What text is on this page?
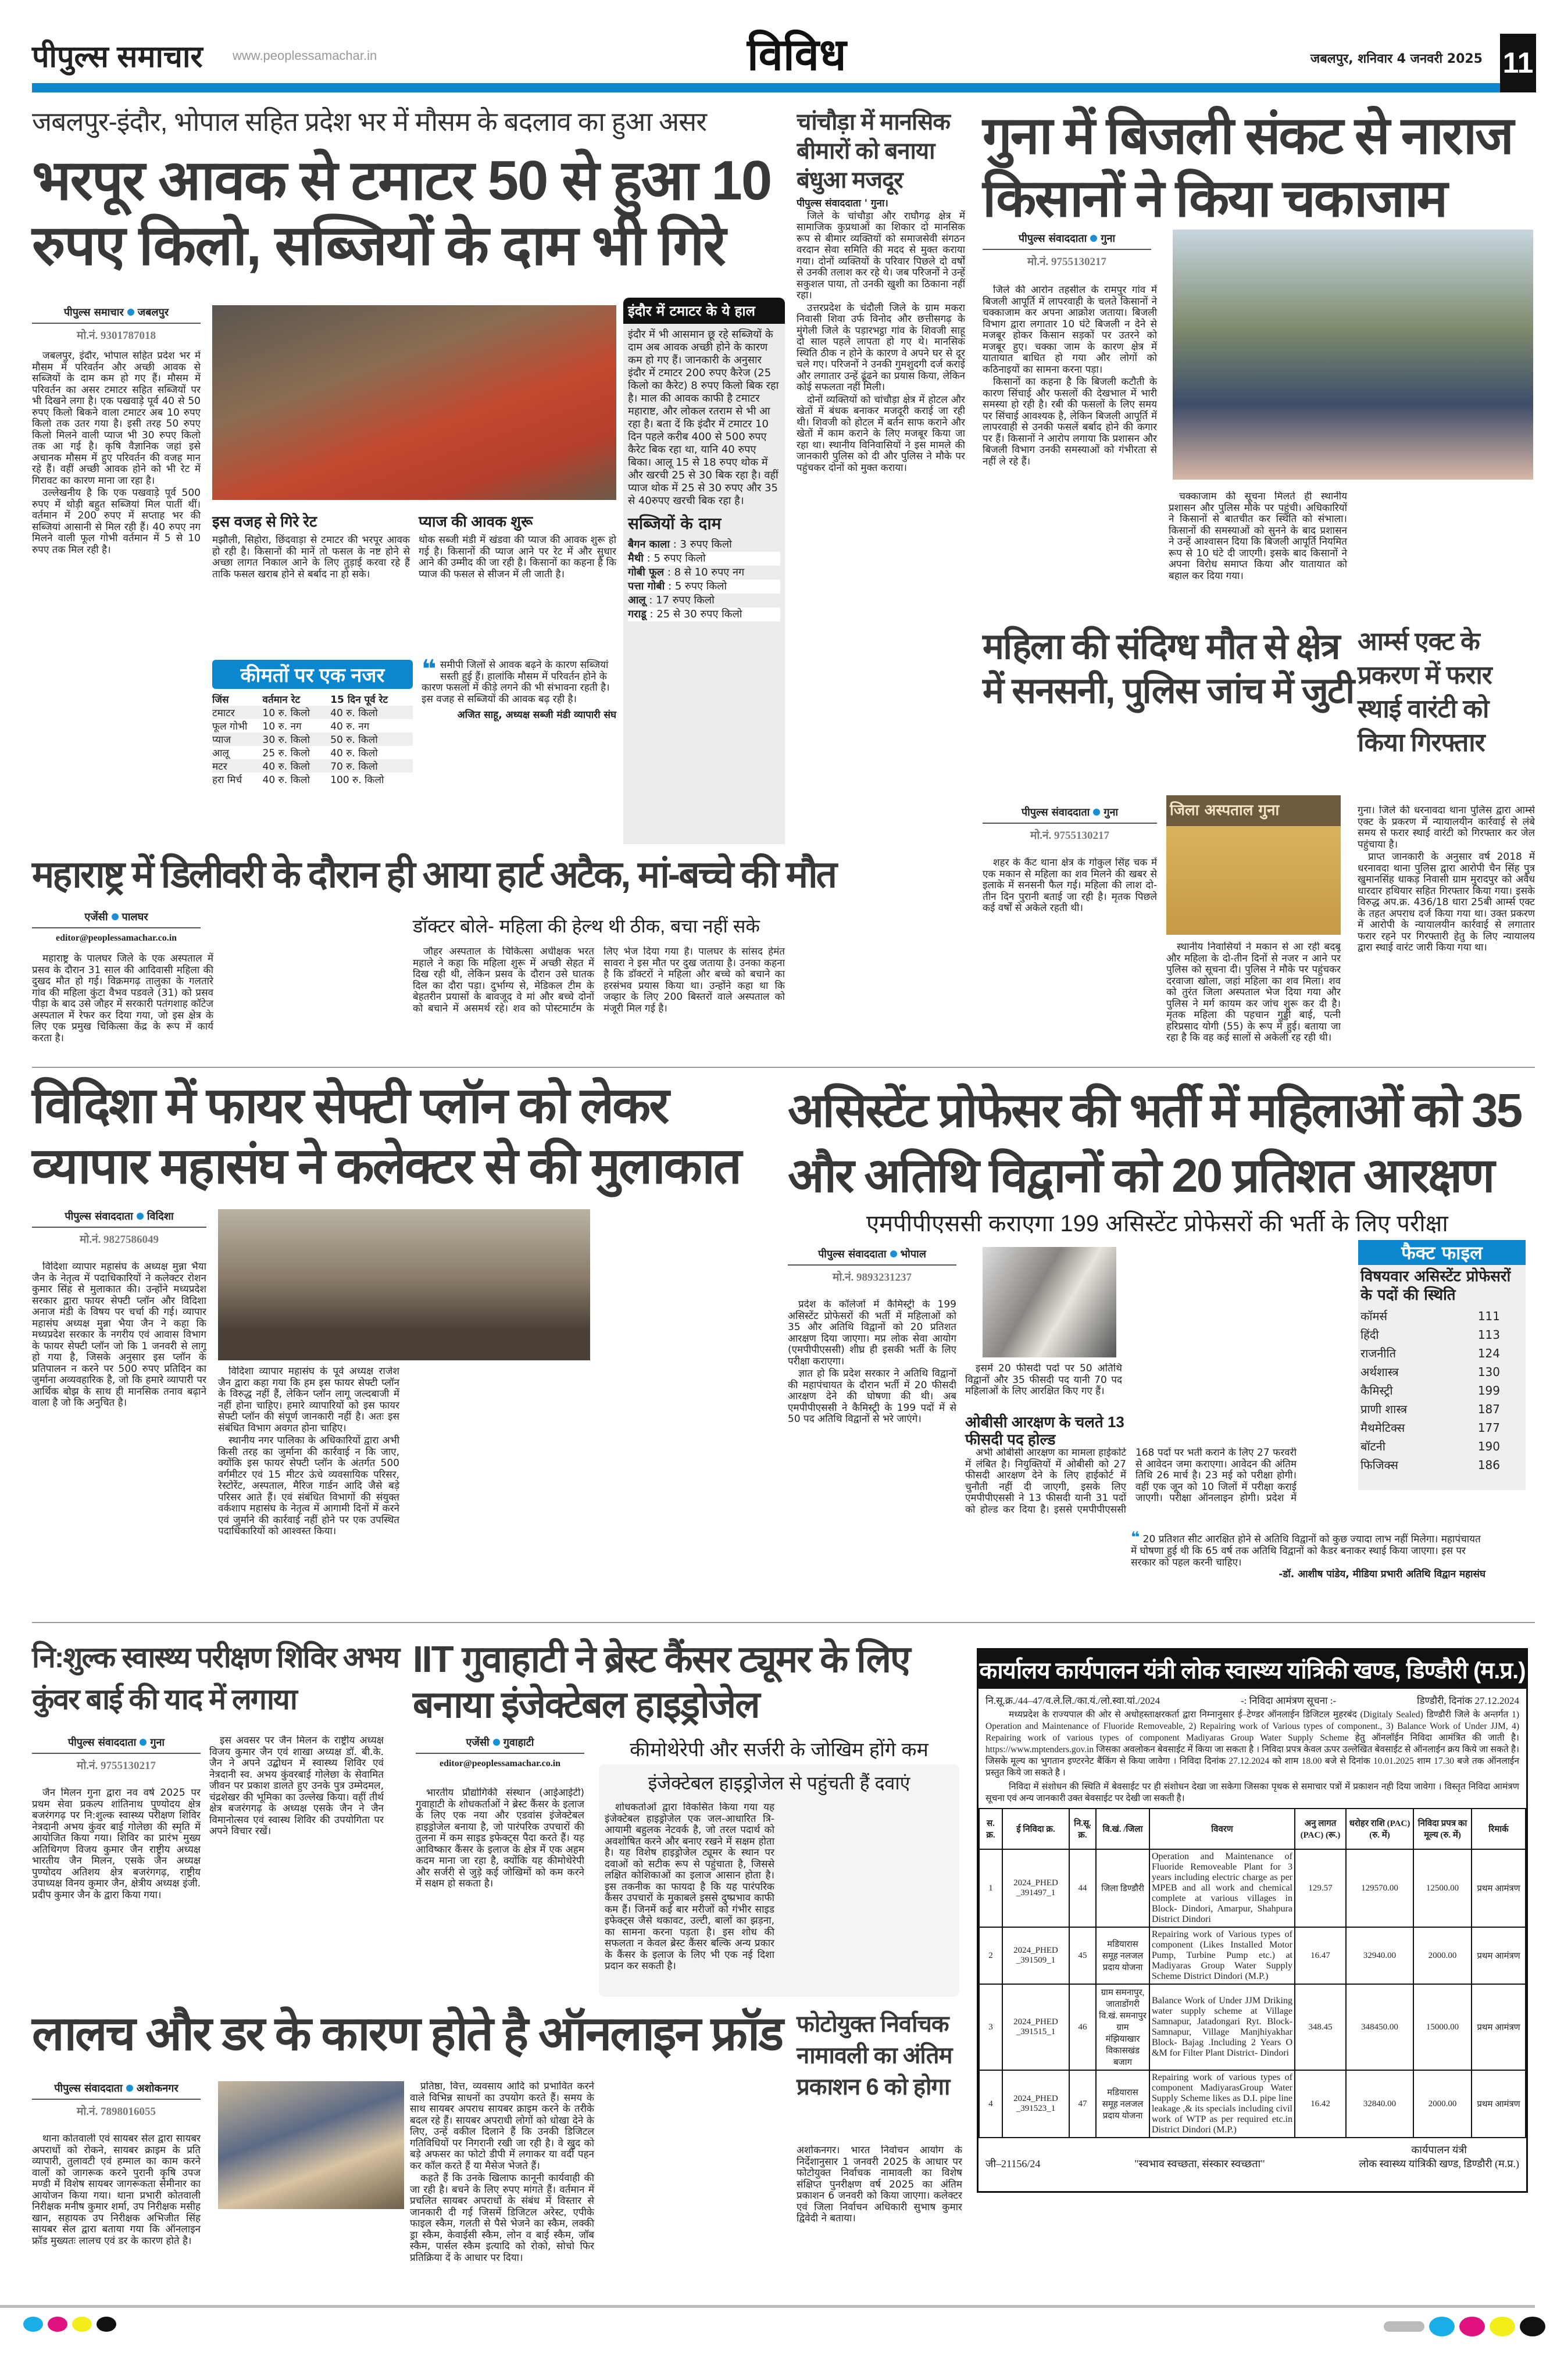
पीपुल्स समाचार www.peoplessamachar.in	विविध	जबलपुर, शनिवार 4 जनवरी 2025 11
जबलपुर-इंदौर, भोपाल सहित प्रदेश भर में मौसम के बदलाव का हुआ असर
भरपूर आवक से टमाटर 50 से हुआ 10 रुपए किलो, सब्जियों के दाम भी गिरे
पीपुल्स समाचार जबलपुर
मो.नं. 9301787018

जबलपुर, इंदौर, भोपाल सहित प्रदेश भर में मौसम में परिवर्तन और अच्छी आवक से सब्जियों के दाम कम हो गए हैं। मौसम में परिवर्तन का असर टमाटर सहित सब्जियों पर भी दिखने लगा है। एक पखवाड़े पूर्व 40 से 50 रुपए किलो बिकने वाला टमाटर अब 10 रुपए किलो तक उतर गया है। इसी तरह 50 रुपए किलो मिलने वाली प्याज भी 30 रुपए किलो तक आ गई है। कृषि वैज्ञानिक जहां इसे अचानक मौसम में हुए परिवर्तन की वजह मान रहे हैं। वहीं अच्छी आवक होने को भी रेट में गिरावट का कारण माना जा रहा है।

उल्लेखनीय है कि एक पखवाड़े पूर्व 500 रुपए में थोड़ी बहुत सब्जियां मिल पातीं थीं। वर्तमान में 200 रुपए में सप्ताह भर की सब्जियां आसानी से मिल रही हैं। 40 रुपए नग मिलने वाली फूल गोभी वर्तमान में 5 से 10 रुपए तक मिल रही है।

इस वजह से गिरे रेट
मझौली, सिहोरा, छिंदवाड़ा से टमाटर की भरपूर आवक हो रही है। किसानों की मानें तो फसल के नष्ट होने से अच्छा लागत निकाल आने के लिए तुड़ाई करवा रहे हैं ताकि फसल खराब होने से बर्बाद ना हो सके।
प्याज की आवक शुरू
थोक सब्जी मंडी में खंडवा की प्याज की आवक शुरू हो गई है। किसानों की प्याज आने पर रेट में और सुधार आने की उम्मीद की जा रही है। किसानों का कहना है कि प्याज की फसल से सीजन में ली जाती है।
कीमतों पर एक नजर
जिंस	वर्तमान रेट	15 दिन पूर्व रेट
टमाटर	10 रु. किलो	40 रु. किलो
फूल गोभी	10 रु. नग	40 रु. नग
प्याज	30 रु. किलो	50 रु. किलो
आलू	25 रु. किलो	40 रु. किलो
मटर	40 रु. किलो	70 रु. किलो
हरा मिर्च	40 रु. किलो	100 रु. किलो
❝ समीपी जिलों से आवक बढ़ने के कारण सब्जियां सस्ती हुई हैं। हालांकि मौसम में परिवर्तन होने के कारण फसलों में कीड़े लगने की भी संभावना रहती है। इस वजह से सब्जियों की आवक बढ़ रही है।
अजित साहू, अध्यक्ष सब्जी मंडी व्यापारी संघ
इंदौर में टमाटर के ये हाल
इंदौर में भी आसमान छू रहे सब्जियों के दाम अब आवक अच्छी होने के कारण कम हो गए हैं। जानकारी के अनुसार इंदौर में टमाटर 200 रुपए कैरेज (25 किलो का कैरेट) 8 रुपए किलो बिक रहा है। माल की आवक काफी है टमाटर महाराष्ट, और लोकल रतराम से भी आ रहा है। बता दें कि इंदौर में टमाटर 10 दिन पहले करीब 400 से 500 रुपए कैरेट बिक रहा था, यानि 40 रुपए बिका। आलू 15 से 18 रुपए थोक में और खरची 25 से 30 बिक रहा है। वहीं प्याज थोक में 25 से 30 रुपए और 35 से 40रुपए खरची बिक रहा है।
सब्जियों के दाम
बैगन काला : 3 रुपए किलो
मैथी : 5 रुपए किलो
गोबी फूल : 8 से 10 रुपए नग
पत्ता गोबी : 5 रुपए किलो
आलू : 17 रुपए किलो
गराडू : 25 से 30 रुपए किलो
महाराष्ट्र में डिलीवरी के दौरान ही आया हार्ट अटैक, मां-बच्चे की मौत
एजेंसी पालघर
editor@peoplessamachar.co.in

महाराष्ट्र के पालघर जिले के एक अस्पताल में प्रसव के दौरान 31 साल की आदिवासी महिला की दुखद मौत हो गई। विक्रमगढ़ तालुका के गलतारे गांव की महिला कुंटा वैभव पडवले (31) को प्रसव पीड़ा के बाद उसे जौहर में सरकारी पतंगशाह कॉटेज अस्पताल में रेफर कर दिया गया, जो इस क्षेत्र के लिए एक प्रमुख चिकित्सा केंद्र के रूप में कार्य करता है।

डॉक्टर बोले- महिला की हेल्थ थी ठीक, बचा नहीं सके

जौहर अस्पताल के चिकित्सा अधीक्षक भरत महाले ने कहा कि महिला शुरू में अच्छी सेहत में दिख रही थी, लेकिन प्रसव के दौरान उसे घातक दिल का दौरा पड़ा। दुर्भाग्य से, मेडिकल टीम के बेहतरीन प्रयासों के बावजूद वे मां और बच्चे दोनों को बचाने में असमर्थ रहे। शव को पोस्टमार्टम के लिए भेज दिया गया है। पालघर के सांसद हेमंत सावरा ने इस मौत पर दुख जताया है। उनका कहना है कि डॉक्टरों ने महिला और बच्चे को बचाने का हरसंभव प्रयास किया था। उन्होंने कहा था कि जव्हार के लिए 200 बिस्तरों वाले अस्पताल को मंजूरी मिल गई है।

चांचौड़ा में मानसिक बीमारों को बनाया बंधुआ मजदूर

पीपुल्स संवाददाता ' गुना।

जिले के चांचौड़ा और राघौगढ़ क्षेत्र में सामाजिक कुप्रथाओं का शिकार दो मानसिक रूप से बीमार व्यक्तियों को समाजसेवी संगठन वरदान सेवा समिति की मदद से मुक्त कराया गया। दोनों व्यक्तियों के परिवार पिछले दो वर्षों से उनकी तलाश कर रहे थे। जब परिजनों ने उन्हें सकुशल पाया, तो उनकी खुशी का ठिकाना नहीं रहा।

उत्तरप्रदेश के चंदौली जिले के ग्राम मकरा निवासी शिवा उर्फ विनोद और छत्तीसगढ़ के मुंगेली जिले के पड़ारभट्ठा गांव के शिवजी साहू दो साल पहले लापता हो गए थे। मानसिक स्थिति ठीक न होने के कारण वे अपने घर से दूर चले गए। परिजनों ने उनकी गुमशुदगी दर्ज कराई और लगातार उन्हें ढूंढने का प्रयास किया, लेकिन कोई सफलता नहीं मिली।

दोनों व्यक्तियों को चांचौड़ा क्षेत्र में होटल और खेतों में बंधक बनाकर मजदूरी कराई जा रही थी। शिवजी को होटल में बर्तन साफ कराने और खेतों में काम कराने के लिए मजबूर किया जा रहा था। स्थानीय विनिवासियों ने इस मामले की जानकारी पुलिस को दी और पुलिस ने मौके पर पहुंचकर दोनों को मुक्त कराया।

गुना में बिजली संकट से नाराज किसानों ने किया चकाजाम
पीपुल्स संवाददाता गुना
मो.नं. 9755130217

जिले की आरोन तहसील के रामपुर गांव में बिजली आपूर्ति में लापरवाही के चलते किसानों ने चक्काजाम कर अपना आक्रोश जताया। बिजली विभाग द्वारा लगातार 10 घंटे बिजली न देने से मजबूर होकर किसान सड़कों पर उतरने को मजबूर हुए। चक्का जाम के कारण क्षेत्र में यातायात बाधित हो गया और लोगों को कठिनाइयों का सामना करना पड़ा।

किसानों का कहना है कि बिजली कटौती के कारण सिंचाई और फसलों की देखभाल में भारी समस्या हो रही है। रबी की फसलों के लिए समय पर सिंचाई आवश्यक है, लेकिन बिजली आपूर्ति में लापरवाही से उनकी फसलें बर्बाद होने की कगार पर हैं। किसानों ने आरोप लगाया कि प्रशासन और बिजली विभाग उनकी समस्याओं को गंभीरता से नहीं ले रहे हैं।

चक्काजाम की सूचना मिलते ही स्थानीय प्रशासन और पुलिस मौके पर पहुंची। अधिकारियों ने किसानों से बातचीत कर स्थिति को संभाला। किसानों की समस्याओं को सुनने के बाद प्रशासन ने उन्हें आश्वासन दिया कि बिजली आपूर्ति नियमित रूप से 10 घंटे दी जाएगी। इसके बाद किसानों ने अपना विरोध समाप्त किया और यातायात को बहाल कर दिया गया।

महिला की संदिग्ध मौत से क्षेत्र में सनसनी, पुलिस जांच में जुटी
पीपुल्स संवाददाता गुना
मो.नं. 9755130217
जिला अस्पताल गुना

शहर के कैंट थाना क्षेत्र के गोकुल सिंह चक में एक मकान से महिला का शव मिलने की खबर से इलाके में सनसनी फैल गई। महिला की लाश दो-तीन दिन पुरानी बताई जा रही है। मृतक पिछले कई वर्षों से अकेले रहती थी।

स्थानीय निवासियों ने मकान से आ रही बदबू और महिला के दो-तीन दिनों से नजर न आने पर पुलिस को सूचना दी। पुलिस ने मौके पर पहुंचकर दरवाजा खोला, जहां महिला का शव मिला। शव को तुरंत जिला अस्पताल भेज दिया गया और पुलिस ने मर्ग कायम कर जांच शुरू कर दी है। मृतक महिला की पहचान गुड्डी बाई, पत्नी हरिप्रसाद योगी (55) के रूप में हुई। बताया जा रहा है कि वह कई सालों से अकेली रह रही थी।

आर्म्स एक्ट के प्रकरण में फरार स्थाई वारंटी को किया गिरफ्तार

गुना। जिले की धरनावदा थाना पुलिस द्वारा आर्म्स एक्ट के प्रकरण में न्यायालयीन कार्रवाई से लंबे समय से फरार स्थाई वारंटी को गिरफ्तार कर जेल पहुंचाया है।

प्राप्त जानकारी के अनुसार वर्ष 2018 में धरनावदा थाना पुलिस द्वारा आरोपी चैन सिंह पुत्र खुमानसिंह धाकड़ निवासी ग्राम मुरादपुर को अवैध धारदार हथियार सहित गिरफ्तार किया गया। इसके विरुद्ध अप.क्र. 436/18 धारा 25बी आर्म्स एक्ट के तहत अपराध दर्ज किया गया था। उक्त प्रकरण में आरोपी के न्यायालयीन कार्रवाई से लगातार फरार रहने पर गिरफ्तारी हेतु के लिए न्यायालय द्वारा स्थाई वारंट जारी किया गया था।

विदिशा में फायर सेफ्टी प्लॉन को लेकर व्यापार महासंघ ने कलेक्टर से की मुलाकात
पीपुल्स संवाददाता विदिशा
मो.नं. 9827586049

विदिशा व्यापार महासंघ के अध्यक्ष मुन्ना भैया जैन के नेतृत्व में पदाधिकारियों ने कलेक्टर रोशन कुमार सिंह से मुलाकात की। उन्होंने मध्यप्रदेश सरकार द्वारा फायर सेफ्टी प्लॉन और विदिशा अनाज मंडी के विषय पर चर्चा की गई। व्यापार महासंघ अध्यक्ष मुन्ना भैया जैन ने कहा कि मध्यप्रदेश सरकार के नगरीय एवं आवास विभाग के फायर सेफ्टी प्लॉन जो कि 1 जनवरी से लागू हो गया है, जिसके अनुसार इस प्लॉन के प्रतिपालन न करने पर 500 रुपए प्रतिदिन का जुर्माना अव्यवहारिक है, जो कि हमारे व्यापारी पर आर्थिक बोझ के साथ ही मानसिक तनाव बढ़ाने वाला है जो कि अनुचित है।

विदिशा व्यापार महासंघ के पूर्व अध्यक्ष राजेश जैन द्वारा कहा गया कि हम इस फायर सेफ्टी प्लॉन के विरुद्ध नहीं हैं, लेकिन प्लॉन लागू जल्दबाजी में नहीं होना चाहिए। हमारे व्यापारियों को इस फायर सेफ्टी प्लॉन की संपूर्ण जानकारी नहीं है। अतः इस संबंधित विभाग अवगत होना चाहिए।

स्थानीय नगर पालिका के अधिकारियों द्वारा अभी किसी तरह का जुर्माना की कार्रवाई न कि जाए, क्योंकि इस फायर सेफ्टी प्लॉन के अंतर्गत 500 वर्गमीटर एवं 15 मीटर ऊंचे व्यवसायिक परिसर, रेस्टोरेंट, अस्पताल, मैरिज गार्डन आदि जैसे बड़े परिसर आते हैं। एवं संबंधित विभागों की संयुक्त वर्कशाप महासंघ के नेतृत्व में आगामी दिनों में करने एवं जुर्माने की कार्रवाई नहीं होने पर एक उपस्थित पदाधिकारियों को आश्वस्त किया।

असिस्टेंट प्रोफेसर की भर्ती में महिलाओं को 35 और अतिथि विद्वानों को 20 प्रतिशत आरक्षण
एमपीपीएससी कराएगा 199 असिस्टेंट प्रोफेसरों की भर्ती के लिए परीक्षा
पीपुल्स संवाददाता भोपाल
मो.नं. 9893231237

प्रदेश के कॉलेजों में कैमिस्ट्री के 199 असिस्टेंट प्रोफेसरों की भर्ती में महिलाओं को 35 और अतिथि विद्वानों को 20 प्रतिशत आरक्षण दिया जाएगा। मप्र लोक सेवा आयोग (एमपीपीएससी) शीघ्र ही इसकी भर्ती के लिए परीक्षा कराएगा।

ज्ञात हो कि प्रदेश सरकार ने अतिथि विद्वानों की महापंचायत के दौरान भर्ती में 20 फीसदी आरक्षण देने की घोषणा की थी। अब एमपीपीएससी ने कैमिस्ट्री के 199 पदों में से 50 पद अतिथि विद्वानों से भरे जाएंगे।

इसमें 20 फीसदी पदों पर 50 अतिथि विद्वानों और 35 फीसदी पद यानी 70 पद महिलाओं के लिए आरक्षित किए गए हैं।

ओबीसी आरक्षण के चलते 13 फीसदी पद होल्ड

अभी ओबीसी आरक्षण का मामला हाईकोर्ट में लंबित है। नियुक्तियों में ओबीसी को 27 फीसदी आरक्षण देने के लिए हाईकोर्ट में चुनौती नहीं दी जाएगी, इसके लिए एमपीपीएससी ने 13 फीसदी यानी 31 पदों को होल्ड कर दिया है। इससे एमपीपीएससी 168 पदों पर भर्ती कराने के लिए 27 फरवरी से आवेदन जमा कराएगा। आवेदन की अंतिम तिथि 26 मार्च है। 23 मई को परीक्षा होगी। वहीं एक जून को 10 जिलों में परीक्षा कराई जाएगी। परीक्षा ऑनलाइन होगी। प्रदेश में

❝ 20 प्रतिशत सीट आरक्षित होने से अतिथि विद्वानों को कुछ ज्यादा लाभ नहीं मिलेगा। महापंचायत में घोषणा हुई थी कि 65 वर्ष तक अतिथि विद्वानों को कैडर बनाकर स्थाई किया जाएगा। इस पर सरकार को पहल करनी चाहिए।
-डॉ. आशीष पांडेय, मीडिया प्रभारी अतिथि विद्वान महासंघ
फैक्ट फाइल
विषयवार असिस्टेंट प्रोफेसरों के पदों की स्थिति
कॉमर्स	111
हिंदी	113
राजनीति	124
अर्थशास्त्र	130
कैमिस्ट्री	199
प्राणी शास्त्र	187
मैथमेटिक्स	177
बॉटनी	190
फिजिक्स	186
नि:शुल्क स्वास्थ्य परीक्षण शिविर अभय कुंवर बाई की याद में लगाया
पीपुल्स संवाददाता गुना
मो.नं. 9755130217

जैन मिलन गुना द्वारा नव वर्ष 2025 पर प्रथम सेवा प्रकल्प शांतिनाथ पुण्योदय क्षेत्र बजरंगगढ़ पर नि:शुल्क स्वास्थ्य परीक्षण शिविर नेत्रदानी अभय कुंवर बाई गोलेछा की स्मृति में आयोजित किया गया। शिविर का प्रारंभ मुख्य अतिथिगण विजय कुमार जैन राष्ट्रीय अध्यक्ष भारतीय जैन मिलन, एसके जैन अध्यक्ष पुण्योदय अतिशय क्षेत्र बजरंगगढ़, राष्ट्रीय उपाध्यक्ष विनय कुमार जैन, क्षेत्रीय अध्यक्ष इंजी. प्रदीप कुमार जैन के द्वारा किया गया।

इस अवसर पर जैन मिलन के राष्ट्रीय अध्यक्ष विजय कुमार जैन एवं शाखा अध्यक्ष डॉ. बी.के. जैन ने अपने उद्बोधन में स्वास्थ्य शिविर एवं नेत्रदानी स्व. अभय कुंवरबाई गोलेछा के सेवामित जीवन पर प्रकाश डालते हुए उनके पुत्र उम्मेदमल, चंद्रशेखर की भूमिका का उल्लेख किया। वहीं तीर्थ क्षेत्र बजरंगगढ़ के अध्यक्ष एसके जैन ने जैन विमानोत्सव एवं स्वास्थ शिविर की उपयोगिता पर अपने विचार रखें।

IIT गुवाहाटी ने ब्रेस्ट कैंसर ट्यूमर के लिए बनाया इंजेक्टेबल हाइड्रोजेल
एजेंसी गुवाहाटी
editor@peoplessamachar.co.in

भारतीय प्रौद्योगिकी संस्थान (आईआईटी) गुवाहाटी के शोधकर्ताओं ने ब्रेस्ट कैंसर के इलाज के लिए एक नया और एडवांस इंजेक्टेबल हाइड्रोजेल बनाया है, जो पारंपरिक उपचारों की तुलना में कम साइड इफेक्ट्स पैदा करते हैं। यह आविष्कार कैंसर के इलाज के क्षेत्र में एक अहम कदम माना जा रहा है, क्योंकि यह कीमोथेरेपी और सर्जरी से जुड़े कई जोखिमों को कम करने में सक्षम हो सकता है।

कीमोथेरेपी और सर्जरी के जोखिम होंगे कम
इंजेक्टेबल हाइड्रोजेल से पहुंचती हैं दवाएं

शोधकर्ताओं द्वारा विकसित किया गया यह इंजेक्टेबल हाइड्रोजेल एक जल-आधारित त्रि-आयामी बहुलक नेटवर्क है, जो तरल पदार्थ को अवशोषित करने और बनाए रखने में सक्षम होता है। यह विशेष हाइड्रोजेल ट्यूमर के स्थान पर दवाओं को सटीक रूप से पहुंचाता है, जिससे लक्षित कोशिकाओं का इलाज आसान होता है। इस तकनीक का फायदा है कि यह पारंपरिक कैंसर उपचारों के मुकाबले इससे दुष्प्रभाव काफी कम हैं। जिनमें कई बार मरीजों को गंभीर साइड इफेक्ट्स जैसे थकावट, उल्टी, बालों का झड़ना, का सामना करना पड़ता है। इस शोध की सफलता न केवल ब्रेस्ट कैंसर बल्कि अन्य प्रकार के कैंसर के इलाज के लिए भी एक नई दिशा प्रदान कर सकती है।

लालच और डर के कारण होते है ऑनलाइन फ्रॉड
पीपुल्स संवाददाता अशोकनगर
मो.नं. 7898016055

थाना कोतवाली एवं सायबर सेल द्वारा सायबर अपराधों को रोकने, सायबर क्राइम के प्रति व्यापारी, तुलावटी एवं हम्माल का काम करने वालों को जागरूक करने पुरानी कृषि उपज मण्डी में विशेष सायबर जागरूकता सेमीनार का आयोजन किया गया। थाना प्रभारी कोतवाली निरीक्षक मनीष कुमार शर्मा, उप निरीक्षक मसीह खान, सहायक उप निरीक्षक अभिजीत सिंह सायबर सेल द्वारा बताया गया कि ऑनलाइन फ्रॉड मुख्यतः लालच एवं डर के कारण होते है।

प्रतिष्ठा, वित्त, व्यवसाय आदि को प्रभावित करने वाले विभिन्न साधनों का उपयोग करते हैं। समय के साथ सायबर अपराध सायबर क्राइम करने के तरीके बदल रहे हैं। सायबर अपराधी लोगों को धोखा देने के लिए, उन्हें वकील दिलाने हैं कि उनकी डिजिटल गतिविधियों पर निगरानी रखी जा रही है। वे खुद को बड़े अफसर का फोटो डीपी में लगाकर या वर्दी पहन कर कॉल करते हैं या मैसेज भेजते हैं।

कहते हैं कि उनके खिलाफ कानूनी कार्यवाही की जा रही है। बचने के लिए रुपए मांगते हैं। वर्तमान में प्रचलित सायबर अपराधों के संबंध में विस्तार से जानकारी दी गई जिसमें डिजिटल अरेस्ट, एपीके फाइल स्कैम, गलती से पैसे भेजने का स्कैम, लक्की ड्रा स्कैम, केवाईसी स्कैम, लोन व बाई स्कैम, जॉब स्कैम, पार्सल स्कैम इत्यादि को रोको, सोचो फिर प्रतिक्रिया दें के आधार पर दिया।

फोटोयुक्त निर्वाचक नामावली का अंतिम प्रकाशन 6 को होगा

अशोकनगर। भारत निर्वाचन आयोग के निर्देशानुसार 1 जनवरी 2025 के आधार पर फोटोयुक्त निर्वाचक नामावली का विशेष संक्षिप्त पुनरीक्षण वर्ष 2025 का अंतिम प्रकाशन 6 जनवरी को किया जाएगा। कलेक्टर एवं जिला निर्वाचन अधिकारी सुभाष कुमार द्विवेदी ने बताया।

कार्यालय कार्यपालन यंत्री लोक स्वास्थ्य यांत्रिकी खण्ड, डिण्डौरी (म.प्र.)
नि.सू.क्र./44–47/व.ले.लि./का.यं./लो.स्वा.यां./2024	-: निविदा आमंत्रण सूचना :-	डिण्डौरी, दिनांक 27.12.2024
मध्यप्रदेश के राज्यपाल की ओर से अधोहस्ताक्षरकर्ता द्वारा निम्नानुसार ई–टेण्डर ऑनलाईन डिजिटल मुहरबंद (Digitaly Sealed) डिण्डौरी जिले के अन्तर्गत 1) Operation and Maintenance of Fluoride Removeable, 2) Repairing work of Various types of component., 3) Balance Work of Under JJM, 4) Repairing work of various types of component Madiyaras Group Water Supply Scheme हेतु ऑनलॉईन निविदा आमंत्रित की जाती है। https://www.mptenders.gov.in जिसका अवलोकन बेवसाईट में किया जा सकता है । निविदा प्रपत्र केवल ऊपर उल्लेखित बेवसाईट से ऑनलाईन क्रय किये जा सकते है। जिसके मूल्य का भुगतान इण्टरनेट बैंकिंग से किया जावेगा । निविदा दिनांक 27.12.2024 को शाम 18.00 बजे से दिनांक 10.01.2025 शाम 17.30 बजे तक ऑनलाईन प्रस्तुत किये जा सकते है ।
निविदा में संशोधन की स्थिति में बेवसाईट पर ही संशोधन देखा जा सकेगा जिसका पृथक से समाचार पत्रों में प्रकाशन नही दिया जावेगा । विस्तृत निविदा आमंत्रण सूचना एवं अन्य जानकारी उक्त बेवसाईट पर देखी जा सकती है।
स. क्र.	ई निविदा क्र.	नि.सू. क्र.	वि.खं. /जिला	विवरण	अनु लागत (PAC) (रू.)	धरोहर राशि (PAC) (रु. में)	निविदा प्रपत्र का मूल्य (रु. में)	रिमार्क
1	2024_PHED _391497_1	44	जिला डिण्डौरी	Operation and Maintenance of Fluoride Removeable Plant for 3 years including electric charge as per MPEB and all work and chemical complete at various villages in Block- Dindori, Amarpur, Shahpura District Dindori	129.57	129570.00	12500.00	प्रथम आमंत्रण
2	2024_PHED _391509_1	45	मडियारास समूह नलजल प्रदाय योजना	Repairing work of Various types of component (Likes Installed Motor Pump, Turbine Pump etc.) at Madiyaras Group Water Supply Scheme District Dindori (M.P.)	16.47	32940.00	2000.00	प्रथम आमंत्रण
3	2024_PHED _391515_1	46	ग्राम समनापुर, जाताडोंगरी वि.खं. समनापुर ग्राम मंझियाखार विकासखंड बजाग	Balance Work of Under JJM Driking water supply scheme at Village Samnapur, Jatadongari Ryt. Block- Samnapur, Village Manjhiyakhar Block- Bajag .Including 2 Years O &M for Filter Plant District- Dindori	348.45	348450.00	15000.00	प्रथम आमंत्रण
4	2024_PHED _391523_1	47	मडियारास समूह नलजल प्रदाय योजना	Repairing work of various types of component MadiyarasGroup Water Supply Scheme likes as D.I. pipe line leakage ,& its specials including civil work of WTP as per required etc.in District Dindori (M.P.)	16.42	32840.00	2000.00	प्रथम आमंत्रण
जी–21156/24	"स्वभाव स्वच्छता, संस्कार स्वच्छता"
कार्यपालन यंत्री
लोक स्वास्थ्य यांत्रिकी खण्ड, डिण्डौरी (म.प्र.)
